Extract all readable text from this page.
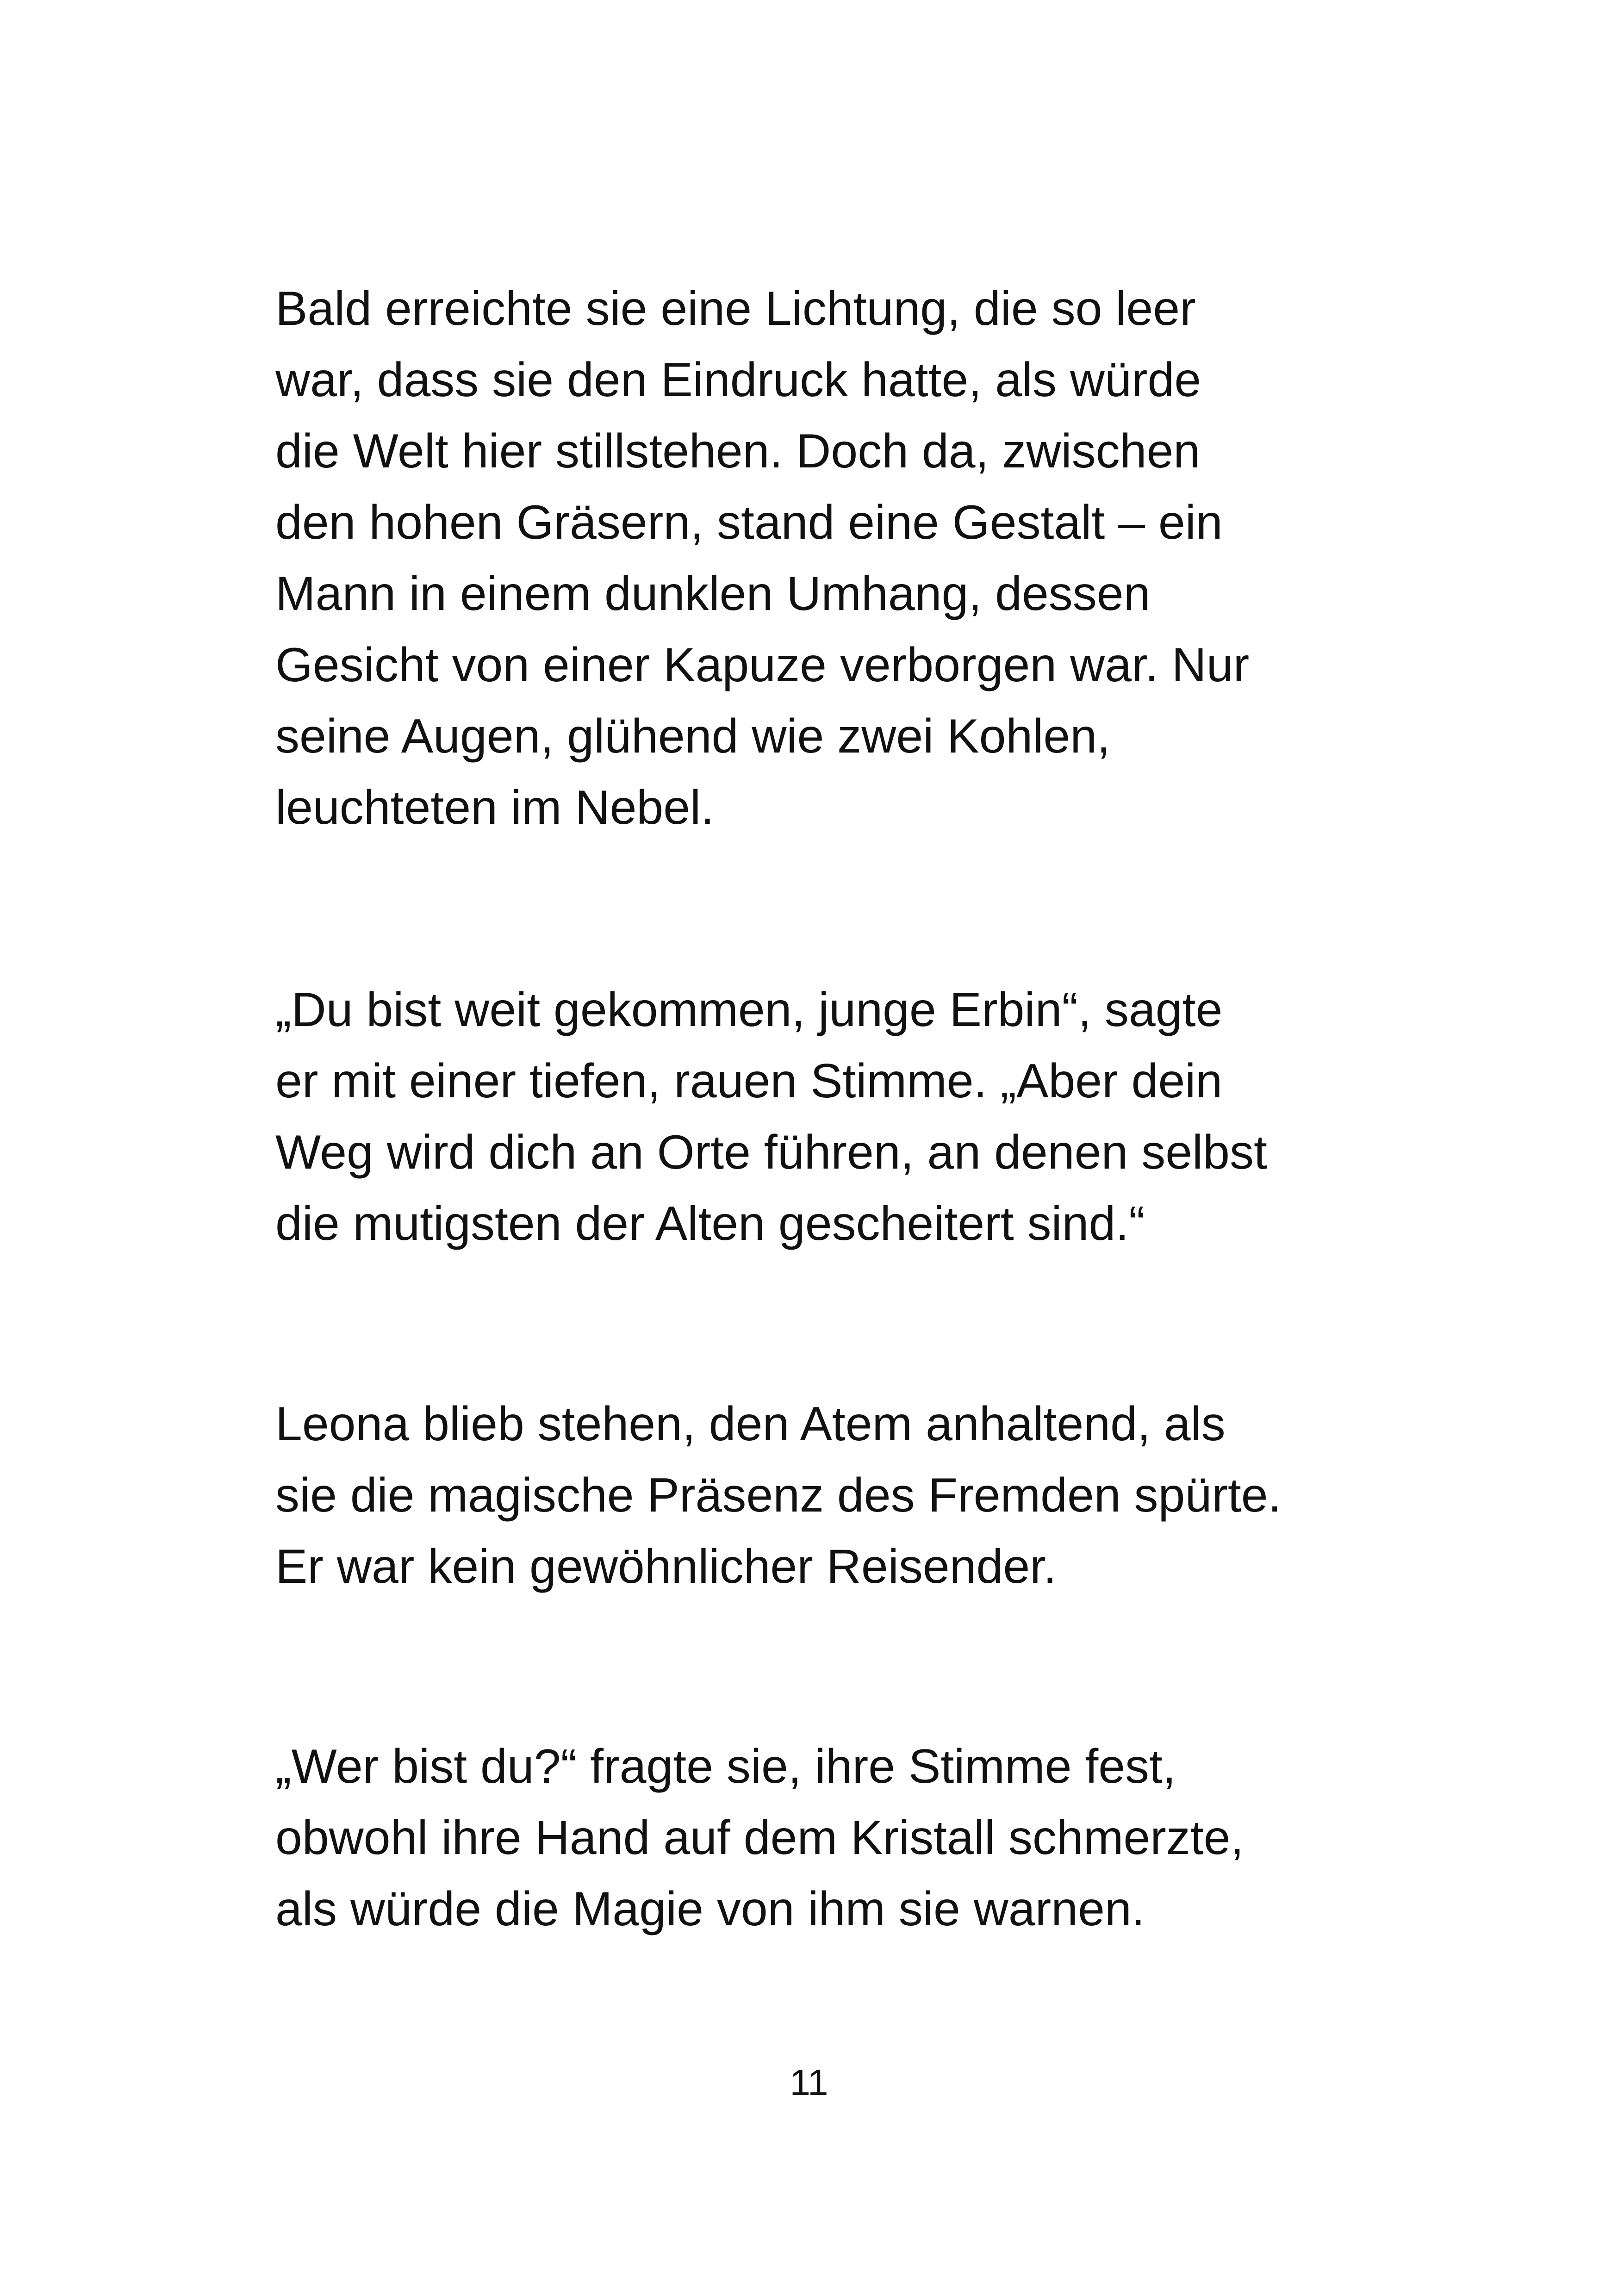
Bald erreichte sie eine Lichtung, die so leer
war, dass sie den Eindruck hatte, als würde
die Welt hier stillstehen. Doch da, zwischen
den hohen Gräsern, stand eine Gestalt – ein
Mann in einem dunklen Umhang, dessen
Gesicht von einer Kapuze verborgen war. Nur
seine Augen, glühend wie zwei Kohlen,
leuchteten im Nebel.
„Du bist weit gekommen, junge Erbin“, sagte
er mit einer tiefen, rauen Stimme. „Aber dein
Weg wird dich an Orte führen, an denen selbst
die mutigsten der Alten gescheitert sind.“
Leona blieb stehen, den Atem anhaltend, als
sie die magische Präsenz des Fremden spürte.
Er war kein gewöhnlicher Reisender.
„Wer bist du?“ fragte sie, ihre Stimme fest,
obwohl ihre Hand auf dem Kristall schmerzte,
als würde die Magie von ihm sie warnen.
11
